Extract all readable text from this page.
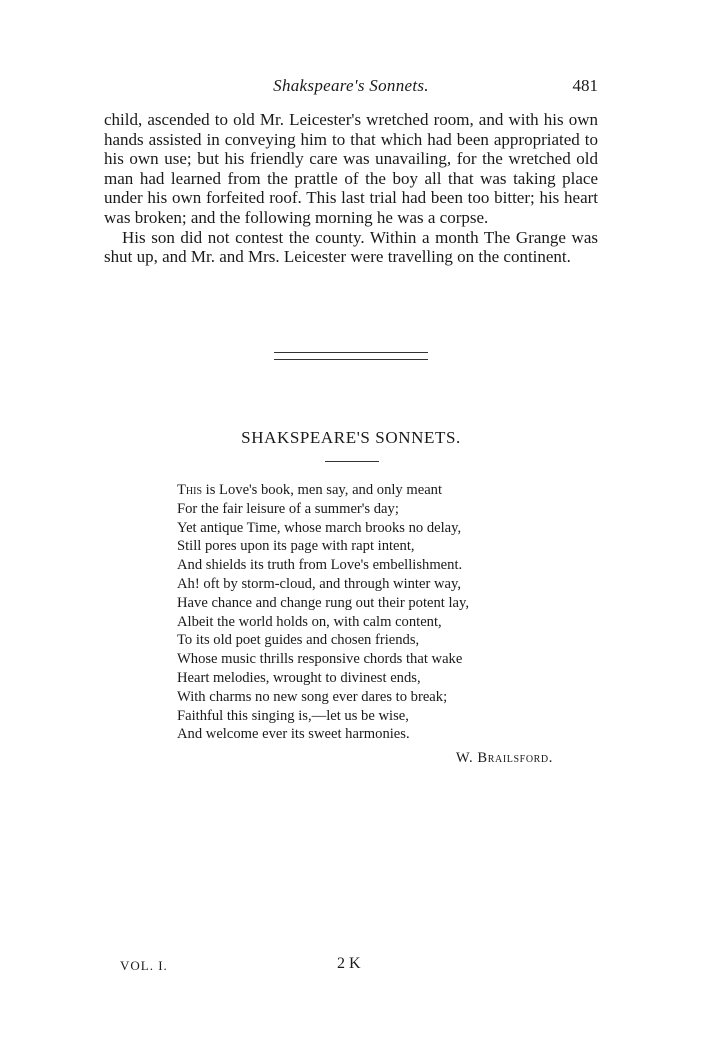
Shakspeare's Sonnets.	481

child, ascended to old Mr. Leicester's wretched room, and with his own hands assisted in conveying him to that which had been appropriated to his own use; but his friendly care was unavailing, for the wretched old man had learned from the prattle of the boy all that was taking place under his own forfeited roof. This last trial had been too bitter; his heart was broken; and the following morning he was a corpse.

His son did not contest the county. Within a month The Grange was shut up, and Mr. and Mrs. Leicester were travelling on the continent.

SHAKSPEARE'S SONNETS.
This is Love's book, men say, and only meant
For the fair leisure of a summer's day;
Yet antique Time, whose march brooks no delay,
Still pores upon its page with rapt intent,
And shields its truth from Love's embellishment.
Ah! oft by storm-cloud, and through winter way,
Have chance and change rung out their potent lay,
Albeit the world holds on, with calm content,
To its old poet guides and chosen friends,
Whose music thrills responsive chords that wake
Heart melodies, wrought to divinest ends,
With charms no new song ever dares to break;
Faithful this singing is,—let us be wise,
And welcome ever its sweet harmonies.
W. Brailsford.
VOL. I.	2 K
